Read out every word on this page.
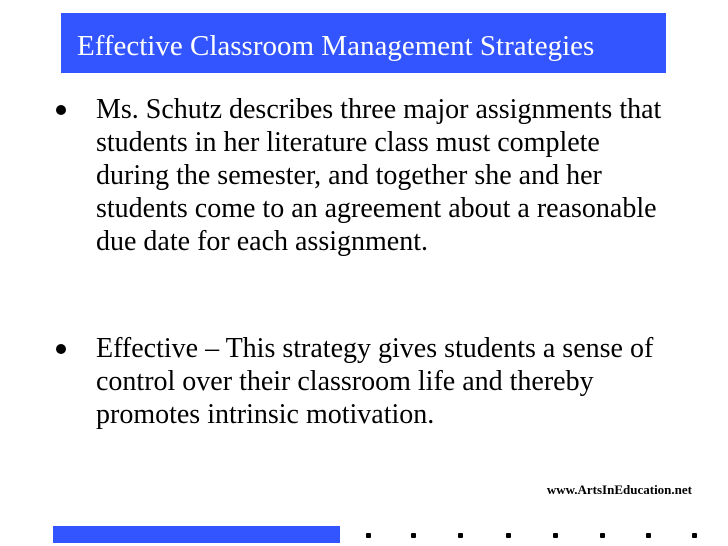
Effective Classroom Management Strategies
Ms. Schutz describes three major assignments that students in her literature class must complete during the semester, and together she and her students come to an agreement about a reasonable due date for each assignment.
Effective – This strategy gives students a sense of control over their classroom life and thereby promotes intrinsic motivation.
www.ArtsInEducation.net
